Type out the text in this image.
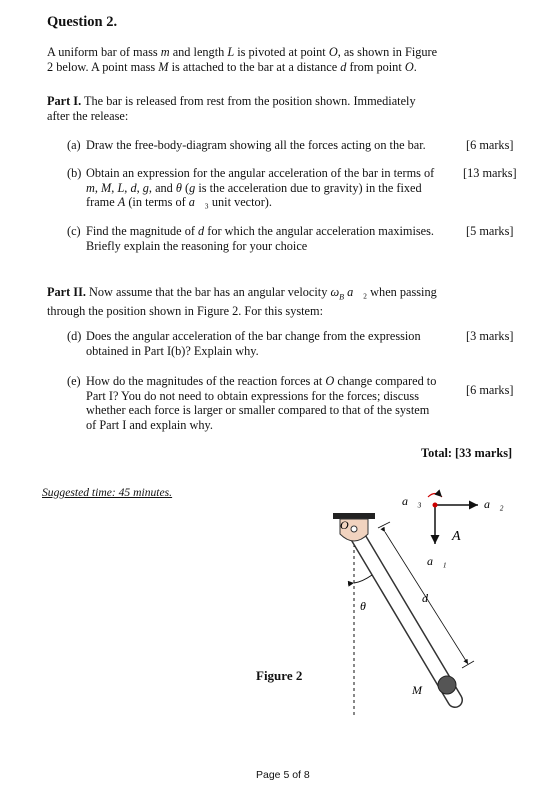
Question 2.
A uniform bar of mass m and length L is pivoted at point O, as shown in Figure
2 below. A point mass M is attached to the bar at a distance d from point O.
Part I. The bar is released from rest from the position shown. Immediately
after the release:
(a) Draw the free-body-diagram showing all the forces acting on the bar.	[6 marks]
(b) Obtain an expression for the angular acceleration of the bar in terms of
m, M, L, d, g, and θ (g is the acceleration due to gravity) in the fixed
frame A (in terms of a⃗₃ unit vector).
[13 marks]
(c) Find the magnitude of d for which the angular acceleration maximises.
Briefly explain the reasoning for your choice
[5 marks]
Part II. Now assume that the bar has an angular velocity $\omega_B$ a⃗₂ when passing
through the position shown in Figure 2. For this system:
(d) Does the angular acceleration of the bar change from the expression
obtained in Part I(b)? Explain why.
[3 marks]
(e) How do the magnitudes of the reaction forces at O change compared to
Part I? You do not need to obtain expressions for the forces; discuss
whether each force is larger or smaller compared to that of the system
of Part I and explain why.
[6 marks]
Total: [33 marks]
Suggested time: 45 minutes.
O
θ
d
M
a⃗₃	a⃗₂
a⃗₁
A
Figure 2
Page 5 of 8
